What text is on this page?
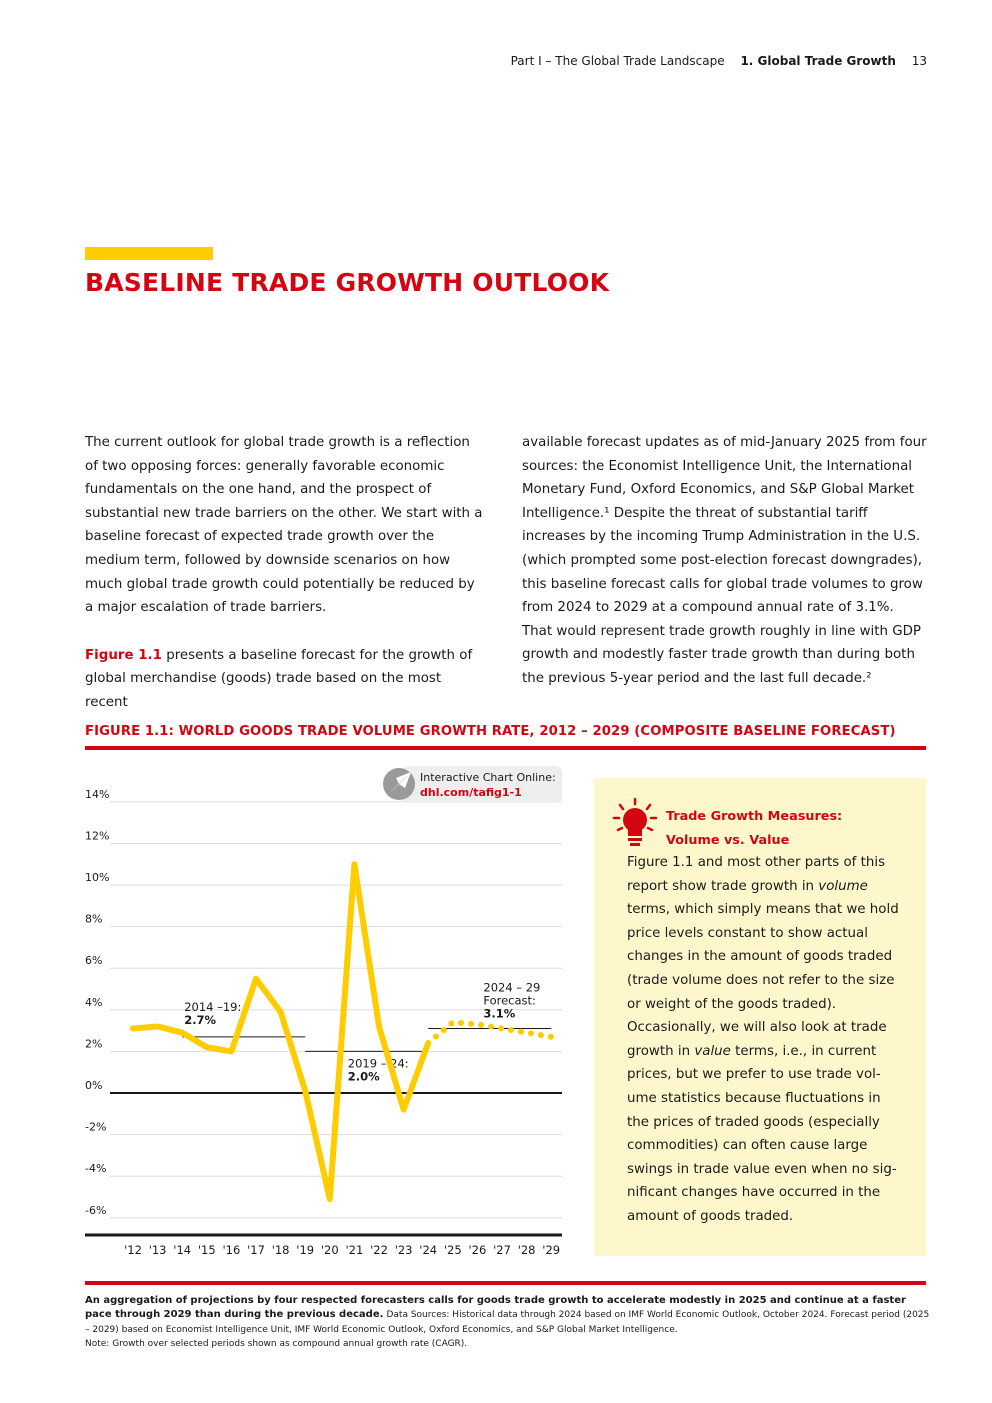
Part I – The Global Trade Landscape 1. Global Trade Growth 13
BASELINE TRADE GROWTH OUTLOOK

The current outlook for global trade growth is a reflection of two opposing forces: generally favorable economic fundamentals on the one hand, and the prospect of substantial new trade barriers on the other. We start with a baseline forecast of expected trade growth over the medium term, followed by downside scenarios on how much global trade growth could potentially be reduced by a major escalation of trade barriers.

Figure 1.1 presents a baseline forecast for the growth of global merchandise (goods) trade based on the most recent

available forecast updates as of mid-January 2025 from four sources: the Economist Intelligence Unit, the International Monetary Fund, Oxford Economics, and S&P Global Market Intelligence.¹ Despite the threat of substantial tariff increases by the incoming Trump Administration in the U.S. (which prompted some post-election forecast downgrades), this baseline forecast calls for global trade volumes to grow from 2024 to 2029 at a compound annual rate of 3.1%. That would represent trade growth roughly in line with GDP growth and modestly faster trade growth than during both the previous 5-year period and the last full decade.²

FIGURE 1.1: WORLD GOODS TRADE VOLUME GROWTH RATE, 2012 – 2029 (COMPOSITE BASELINE FORECAST)
14%
12%
10%
8%
6%
4%
2%
0%
-2%
-4%
-6%
'12 '13 '14 '15 '16 '17 '18 '19 '20 '21 '22 '23 '24 '25 '26 '27 '28 '29
2014 –19:
2.7%
2019 – 24:
2.0%
2024 – 29
Forecast:
3.1%
Interactive Chart Online:
dhl.com/tafig1-1
Trade Growth Measures:
Volume vs. Value
Figure 1.1 and most other parts of this report show trade growth in volume terms, which simply means that we hold price levels constant to show actual changes in the amount of goods traded (trade volume does not refer to the size or weight of the goods traded). Occasionally, we will also look at trade growth in value terms, i.e., in current prices, but we prefer to use trade volume statistics because fluctuations in the prices of traded goods (especially commodities) can often cause large swings in trade value even when no significant changes have occurred in the amount of goods traded.
An aggregation of projections by four respected forecasters calls for goods trade growth to accelerate modestly in 2025 and continue at a faster pace through 2029 than during the previous decade. Data Sources: Historical data through 2024 based on IMF World Economic Outlook, October 2024. Forecast period (2025 – 2029) based on Economist Intelligence Unit, IMF World Economic Outlook, Oxford Economics, and S&P Global Market Intelligence.
Note: Growth over selected periods shown as compound annual growth rate (CAGR).
